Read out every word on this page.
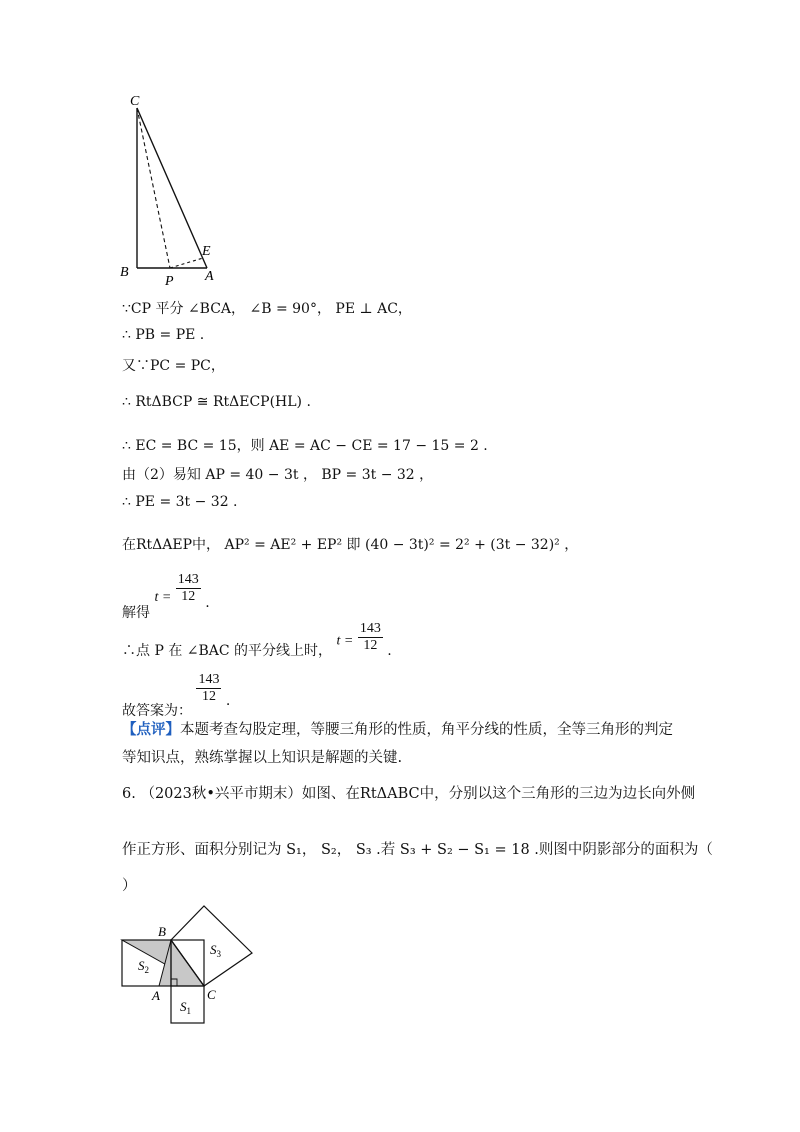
C
B
P A
E
∵CP 平分 ∠BCA， ∠B = 90°， PE ⊥ AC，
∴ PB = PE .
又∵PC = PC，
∴ RtΔBCP ≅ RtΔECP(HL) .
∴ EC = BC = 15，则 AE = AC − CE = 17 − 15 = 2 .
由（2）易知 AP = 40 − 3t ， BP = 3t − 32 ，
∴ PE = 3t − 32 .
在RtΔAEP中， AP² = AE² + EP² 即 (40 − 3t)² = 2² + (3t − 32)² ，
解得 $t = \frac{143}{12}$ .
∴点 P 在 ∠BAC 的平分线上时， $t = \frac{143}{12}$ .
故答案为：
$\frac{143}{12}$ .
【点评】本题考查勾股定理，等腰三角形的性质，角平分线的性质，全等三角形的判定等知识点，熟练掌握以上知识是解题的关键.
6. （2023秋•兴平市期末）如图、在RtΔABC中，分别以这个三角形的三边为边长向外侧
作正方形、面积分别记为 S₁， S₂， S₃ .若 S₃ + S₂ − S₁ = 18 .则图中阴影部分的面积为（
）
B
A	C
$S_2$
$S_3$
$S_1$
